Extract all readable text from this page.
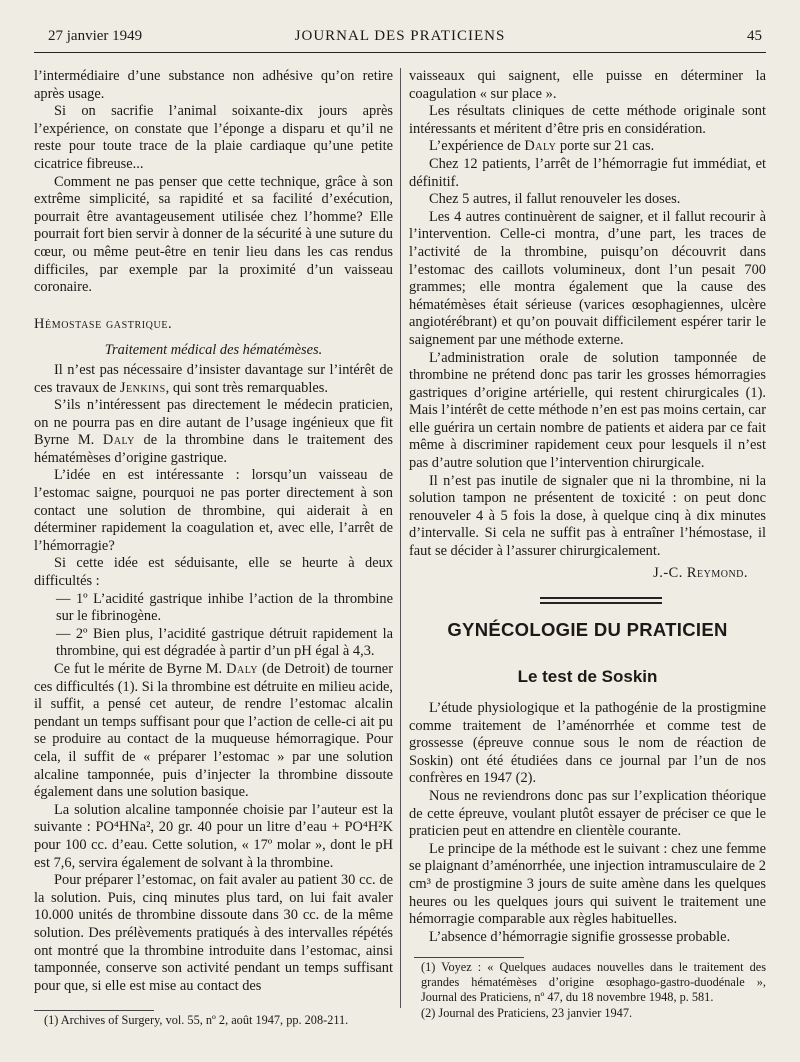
27 janvier 1949	JOURNAL DES PRATICIENS	45

l’intermédiaire d’une substance non adhésive qu’on retire après usage.

Si on sacrifie l’animal soixante-dix jours après l’expérience, on constate que l’éponge a disparu et qu’il ne reste pour toute trace de la plaie cardiaque qu’une petite cicatrice fibreuse...

Comment ne pas penser que cette technique, grâce à son extrême simplicité, sa rapidité et sa facilité d’exécution, pourrait être avantageusement utilisée chez l’homme? Elle pourrait fort bien servir à donner de la sécurité à une suture du cœur, ou même peut-être en tenir lieu dans les cas rendus difficiles, par exemple par la proximité d’un vaisseau coronaire.

Hémostase gastrique.

Traitement médical des hématémèses.

Il n’est pas nécessaire d’insister davantage sur l’intérêt de ces travaux de Jenkins, qui sont très remarquables.

S’ils n’intéressent pas directement le médecin praticien, on ne pourra pas en dire autant de l’usage ingénieux que fit Byrne M. Daly de la thrombine dans le traitement des hématémèses d’origine gastrique.

L’idée en est intéressante : lorsqu’un vaisseau de l’estomac saigne, pourquoi ne pas porter directement à son contact une solution de thrombine, qui aiderait à en déterminer rapidement la coagulation et, avec elle, l’arrêt de l’hémorragie?

Si cette idée est séduisante, elle se heurte à deux difficultés :

— 1º L’acidité gastrique inhibe l’action de la thrombine sur le fibrinogène.

— 2º Bien plus, l’acidité gastrique détruit rapidement la thrombine, qui est dégradée à partir d’un pH égal à 4,3.

Ce fut le mérite de Byrne M. Daly (de Detroit) de tourner ces difficultés (1). Si la thrombine est détruite en milieu acide, il suffit, a pensé cet auteur, de rendre l’estomac alcalin pendant un temps suffisant pour que l’action de celle-ci ait pu se produire au contact de la muqueuse hémorragique. Pour cela, il suffit de « préparer l’estomac » par une solution alcaline tamponnée, puis d’injecter la thrombine dissoute également dans une solution basique.

La solution alcaline tamponnée choisie par l’auteur est la suivante : PO⁴HNa², 20 gr. 40 pour un litre d’eau + PO⁴H²K pour 100 cc. d’eau. Cette solution, « 17º molar », dont le pH est 7,6, servira également de solvant à la thrombine.

Pour préparer l’estomac, on fait avaler au patient 30 cc. de la solution. Puis, cinq minutes plus tard, on lui fait avaler 10.000 unités de thrombine dissoute dans 30 cc. de la même solution. Des prélèvements pratiqués à des intervalles répétés ont montré que la thrombine introduite dans l’estomac, ainsi tamponnée, conserve son activité pendant un temps suffisant pour que, si elle est mise au contact des

(1) Archives of Surgery, vol. 55, nº 2, août 1947, pp. 208-211.

vaisseaux qui saignent, elle puisse en déterminer la coagulation « sur place ».

Les résultats cliniques de cette méthode originale sont intéressants et méritent d’être pris en considération.

L’expérience de Daly porte sur 21 cas.

Chez 12 patients, l’arrêt de l’hémorragie fut immédiat, et définitif.

Chez 5 autres, il fallut renouveler les doses.

Les 4 autres continuèrent de saigner, et il fallut recourir à l’intervention. Celle-ci montra, d’une part, les traces de l’activité de la thrombine, puisqu’on découvrit dans l’estomac des caillots volumineux, dont l’un pesait 700 grammes; elle montra également que la cause des hématémèses était sérieuse (varices œsophagiennes, ulcère angiotérébrant) et qu’on pouvait difficilement espérer tarir le saignement par une méthode externe.

L’administration orale de solution tamponnée de thrombine ne prétend donc pas tarir les grosses hémorragies gastriques d’origine artérielle, qui restent chirurgicales (1). Mais l’intérêt de cette méthode n’en est pas moins certain, car elle guérira un certain nombre de patients et aidera par ce fait même à discriminer rapidement ceux pour lesquels il n’est pas d’autre solution que l’intervention chirurgicale.

Il n’est pas inutile de signaler que ni la thrombine, ni la solution tampon ne présentent de toxicité : on peut donc renouveler 4 à 5 fois la dose, à quelque cinq à dix minutes d’intervalle. Si cela ne suffit pas à entraîner l’hémostase, il faut se décider à l’assurer chirurgicalement.

J.-C. Reymond.

GYNÉCOLOGIE DU PRATICIEN
Le test de Soskin

L’étude physiologique et la pathogénie de la prostigmine comme traitement de l’aménorrhée et comme test de grossesse (épreuve connue sous le nom de réaction de Soskin) ont été étudiées dans ce journal par l’un de nos confrères en 1947 (2).

Nous ne reviendrons donc pas sur l’explication théorique de cette épreuve, voulant plutôt essayer de préciser ce que le praticien peut en attendre en clientèle courante.

Le principe de la méthode est le suivant : chez une femme se plaignant d’aménorrhée, une injection intramusculaire de 2 cm³ de prostigmine 3 jours de suite amène dans les quelques heures ou les quelques jours qui suivent le traitement une hémorragie comparable aux règles habituelles.

L’absence d’hémorragie signifie grossesse probable.

(1) Voyez : « Quelques audaces nouvelles dans le traitement des grandes hématémèses d’origine œsophago-gastro-duodénale », Journal des Praticiens, nº 47, du 18 novembre 1948, p. 581.

(2) Journal des Praticiens, 23 janvier 1947.
